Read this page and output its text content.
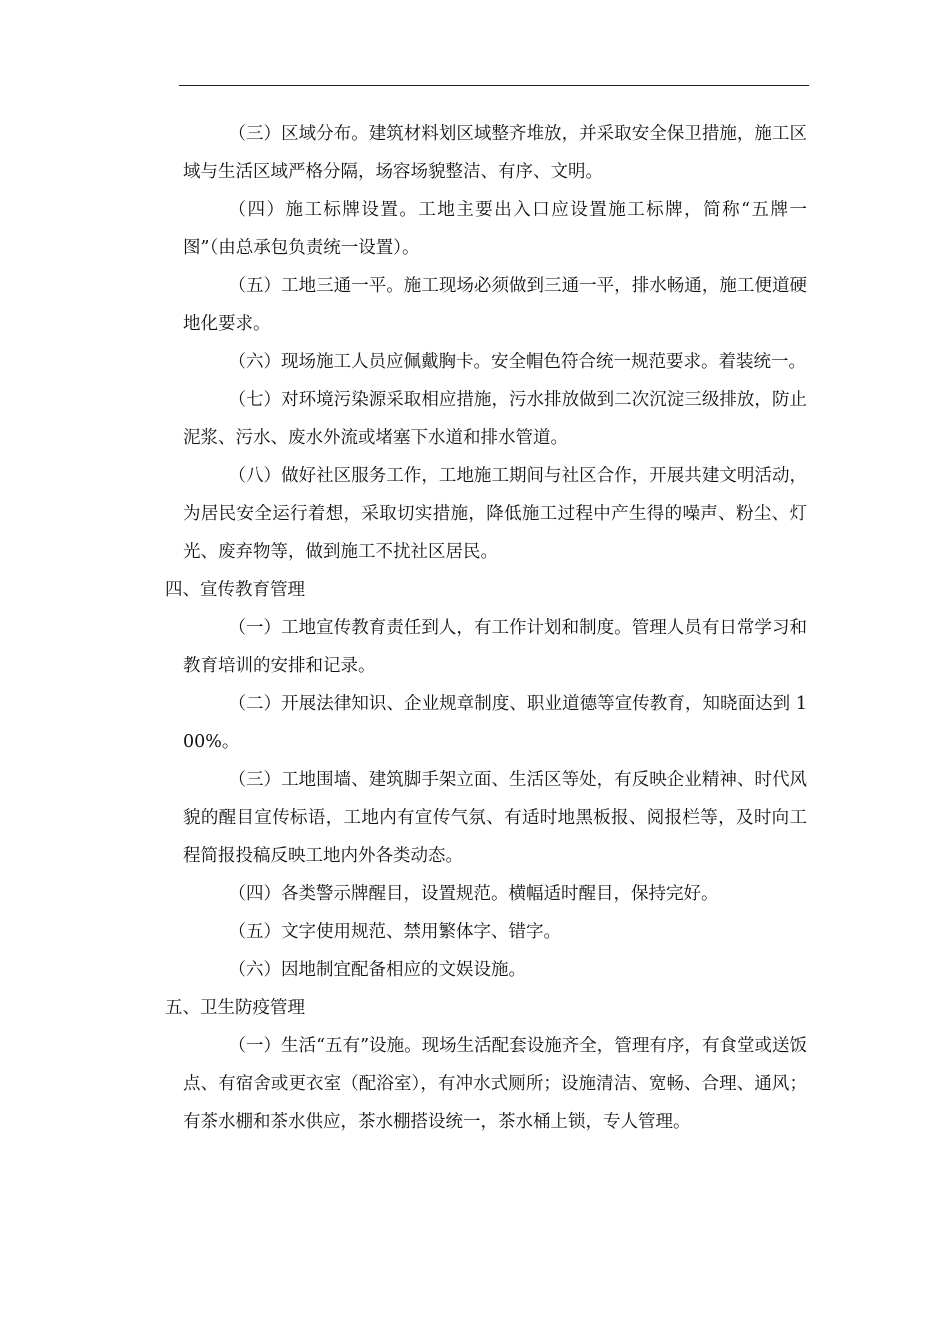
（三）区域分布。建筑材料划区域整齐堆放，并采取安全保卫措施，施工区域与生活区域严格分隔，场容场貌整洁、有序、文明。

（四）施工标牌设置。工地主要出入口应设置施工标牌，简称“五牌一图”（由总承包负责统一设置）。

（五）工地三通一平。施工现场必须做到三通一平，排水畅通，施工便道硬地化要求。

（六）现场施工人员应佩戴胸卡。安全帽色符合统一规范要求。着装统一。

（七）对环境污染源采取相应措施，污水排放做到二次沉淀三级排放，防止泥浆、污水、废水外流或堵塞下水道和排水管道。

（八）做好社区服务工作，工地施工期间与社区合作，开展共建文明活动，为居民安全运行着想，采取切实措施，降低施工过程中产生得的噪声、粉尘、灯光、废弃物等，做到施工不扰社区居民。

四、宣传教育管理

（一）工地宣传教育责任到人，有工作计划和制度。管理人员有日常学习和教育培训的安排和记录。

（二）开展法律知识、企业规章制度、职业道德等宣传教育，知晓面达到 100%。

（三）工地围墙、建筑脚手架立面、生活区等处，有反映企业精神、时代风貌的醒目宣传标语，工地内有宣传气氛、有适时地黑板报、阅报栏等，及时向工程简报投稿反映工地内外各类动态。

（四）各类警示牌醒目，设置规范。横幅适时醒目，保持完好。

（五）文字使用规范、禁用繁体字、错字。

（六）因地制宜配备相应的文娱设施。

五、卫生防疫管理

（一）生活“五有”设施。现场生活配套设施齐全，管理有序，有食堂或送饭点、有宿舍或更衣室（配浴室），有冲水式厕所；设施清洁、宽畅、合理、通风；有茶水棚和茶水供应，茶水棚搭设统一，茶水桶上锁，专人管理。
